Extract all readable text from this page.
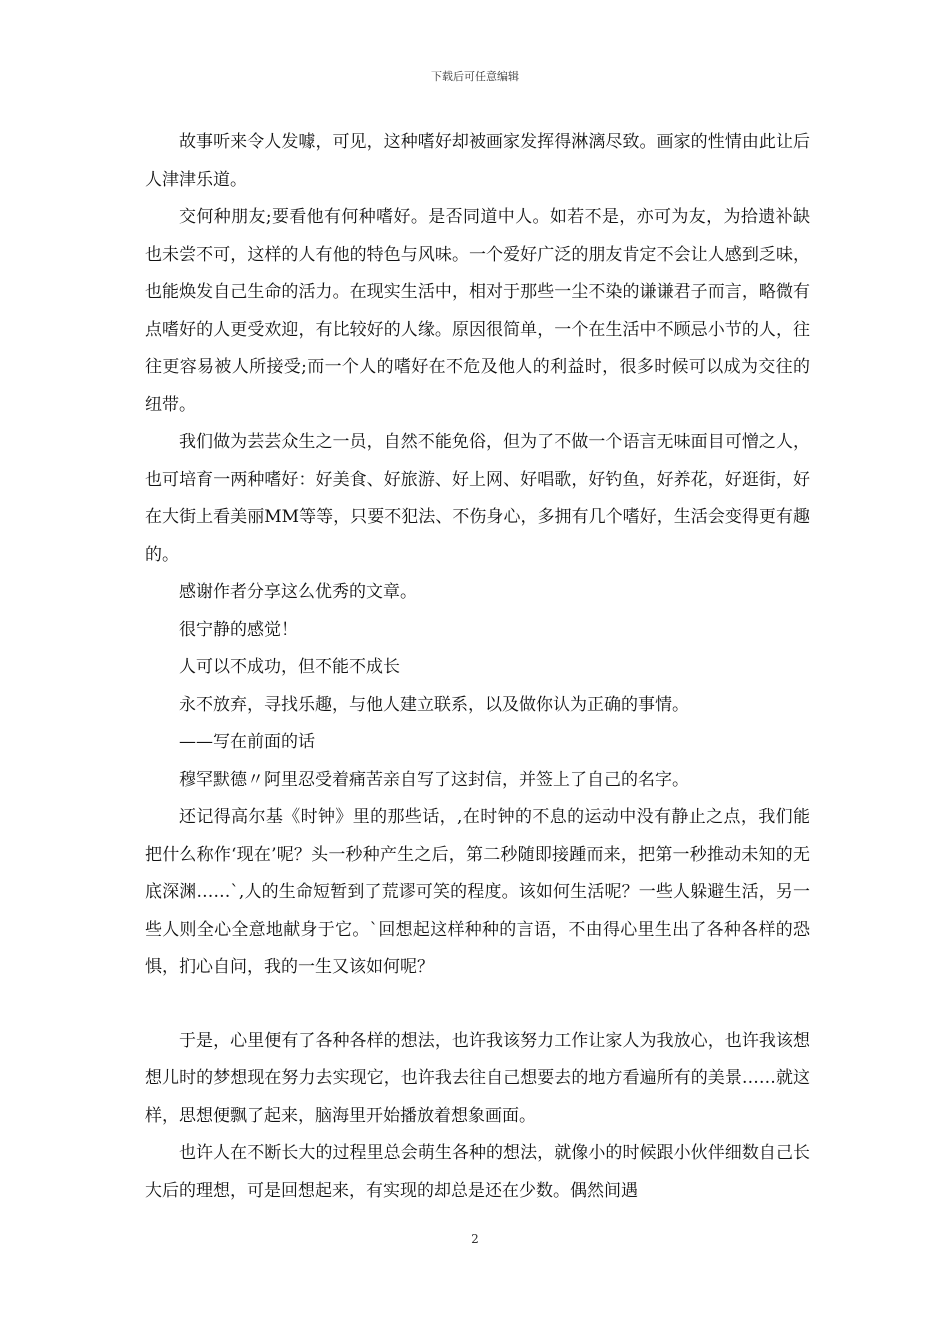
下载后可任意编辑

故事听来令人发噱，可见，这种嗜好却被画家发挥得淋漓尽致。画家的性情由此让后人津津乐道。

交何种朋友;要看他有何种嗜好。是否同道中人。如若不是，亦可为友，为拾遗补缺也未尝不可，这样的人有他的特色与风味。一个爱好广泛的朋友肯定不会让人感到乏味，也能焕发自己生命的活力。在现实生活中，相对于那些一尘不染的谦谦君子而言，略微有点嗜好的人更受欢迎，有比较好的人缘。原因很简单，一个在生活中不顾忌小节的人，往往更容易被人所接受;而一个人的嗜好在不危及他人的利益时，很多时候可以成为交往的纽带。

我们做为芸芸众生之一员，自然不能免俗，但为了不做一个语言无味面目可憎之人，也可培育一两种嗜好：好美食、好旅游、好上网、好唱歌，好钓鱼，好养花，好逛街，好在大街上看美丽MM等等，只要不犯法、不伤身心，多拥有几个嗜好，生活会变得更有趣的。

感谢作者分享这么优秀的文章。

很宁静的感觉！

人可以不成功，但不能不成长

永不放弃，寻找乐趣，与他人建立联系，以及做你认为正确的事情。

——写在前面的话

穆罕默德〃阿里忍受着痛苦亲自写了这封信，并签上了自己的名字。

还记得高尔基《时钟》里的那些话，,在时钟的不息的运动中没有静止之点，我们能把什么称作‘现在’呢？头一秒种产生之后，第二秒随即接踵而来，把第一秒推动未知的无底深渊……`,人的生命短暂到了荒谬可笑的程度。该如何生活呢？一些人躲避生活，另一些人则全心全意地献身于它。`回想起这样种种的言语，不由得心里生出了各种各样的恐惧，扪心自问，我的一生又该如何呢？

于是，心里便有了各种各样的想法，也许我该努力工作让家人为我放心，也许我该想想儿时的梦想现在努力去实现它，也许我去往自己想要去的地方看遍所有的美景……就这样，思想便飘了起来，脑海里开始播放着想象画面。

也许人在不断长大的过程里总会萌生各种的想法，就像小的时候跟小伙伴细数自己长大后的理想，可是回想起来，有实现的却总是还在少数。偶然间遇

2
